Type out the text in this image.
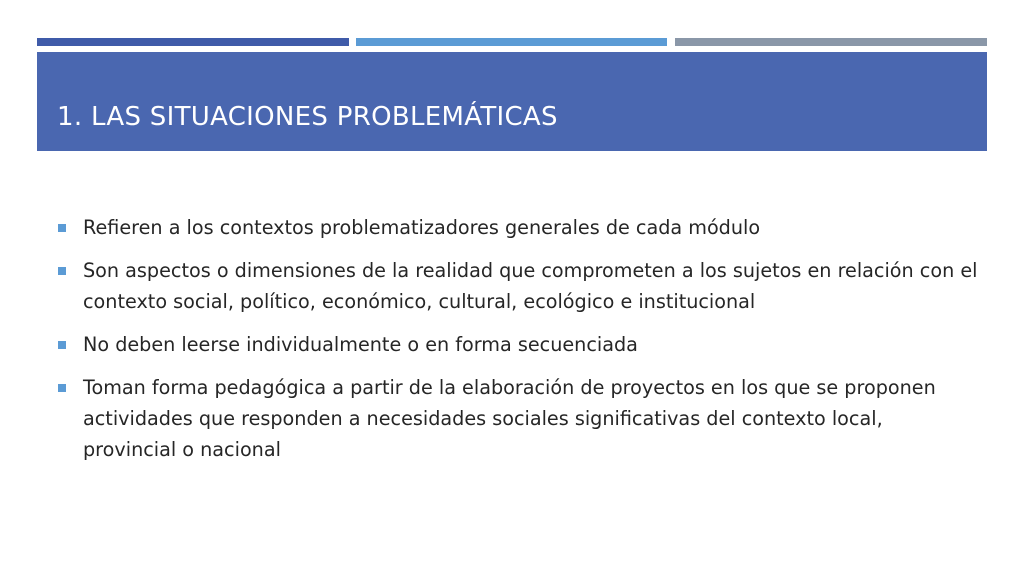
1. LAS SITUACIONES PROBLEMÁTICAS
Refieren a los contextos problematizadores generales de cada módulo
Son aspectos o dimensiones de la realidad que comprometen a los sujetos en relación con el contexto social, político, económico, cultural, ecológico e institucional
No deben leerse individualmente o en forma secuenciada
Toman forma pedagógica a partir de la elaboración de proyectos en los que se proponen actividades que responden a necesidades sociales significativas del contexto local, provincial o nacional
